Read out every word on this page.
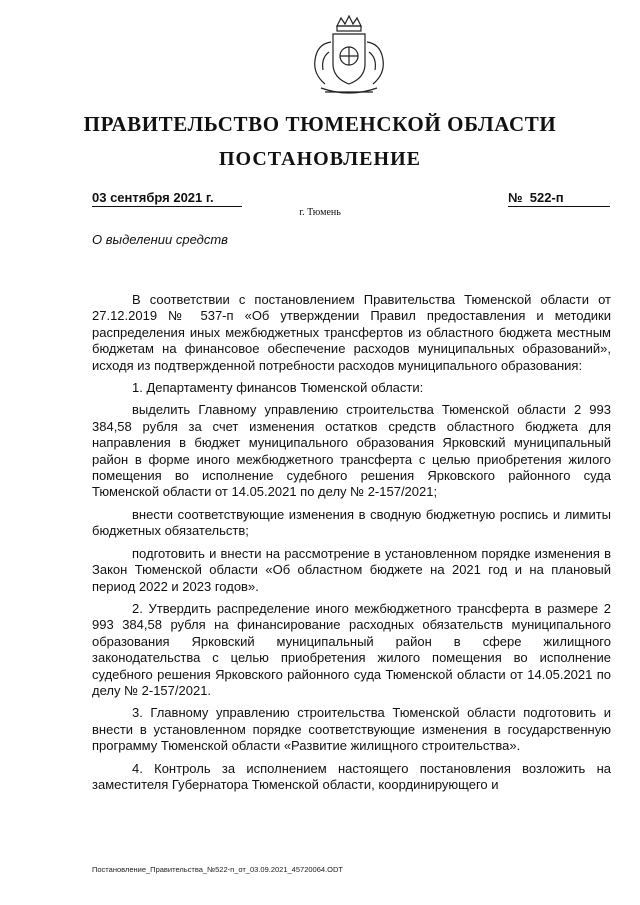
ПРАВИТЕЛЬСТВО ТЮМЕНСКОЙ ОБЛАСТИ
ПОСТАНОВЛЕНИЕ
03 сентября 2021 г.	№ 522-п
г. Тюмень
О выделении средств

В соответствии с постановлением Правительства Тюменской области от 27.12.2019 № 537-п «Об утверждении Правил предоставления и методики распределения иных межбюджетных трансфертов из областного бюджета местным бюджетам на финансовое обеспечение расходов муниципальных образований», исходя из подтвержденной потребности расходов муниципального образования:

1. Департаменту финансов Тюменской области:

выделить Главному управлению строительства Тюменской области 2 993 384,58 рубля за счет изменения остатков средств областного бюджета для направления в бюджет муниципального образования Ярковский муниципальный район в форме иного межбюджетного трансферта с целью приобретения жилого помещения во исполнение судебного решения Ярковского районного суда Тюменской области от 14.05.2021 по делу № 2-157/2021;

внести соответствующие изменения в сводную бюджетную роспись и лимиты бюджетных обязательств;

подготовить и внести на рассмотрение в установленном порядке изменения в Закон Тюменской области «Об областном бюджете на 2021 год и на плановый период 2022 и 2023 годов».

2. Утвердить распределение иного межбюджетного трансферта в размере 2 993 384,58 рубля на финансирование расходных обязательств муниципального образования Ярковский муниципальный район в сфере жилищного законодательства с целью приобретения жилого помещения во исполнение судебного решения Ярковского районного суда Тюменской области от 14.05.2021 по делу № 2-157/2021.

3. Главному управлению строительства Тюменской области подготовить и внести в установленном порядке соответствующие изменения в государственную программу Тюменской области «Развитие жилищного строительства».

4. Контроль за исполнением настоящего постановления возложить на заместителя Губернатора Тюменской области, координирующего и

Постановление_Правительства_№522-п_от_03.09.2021_45720064.ODT
